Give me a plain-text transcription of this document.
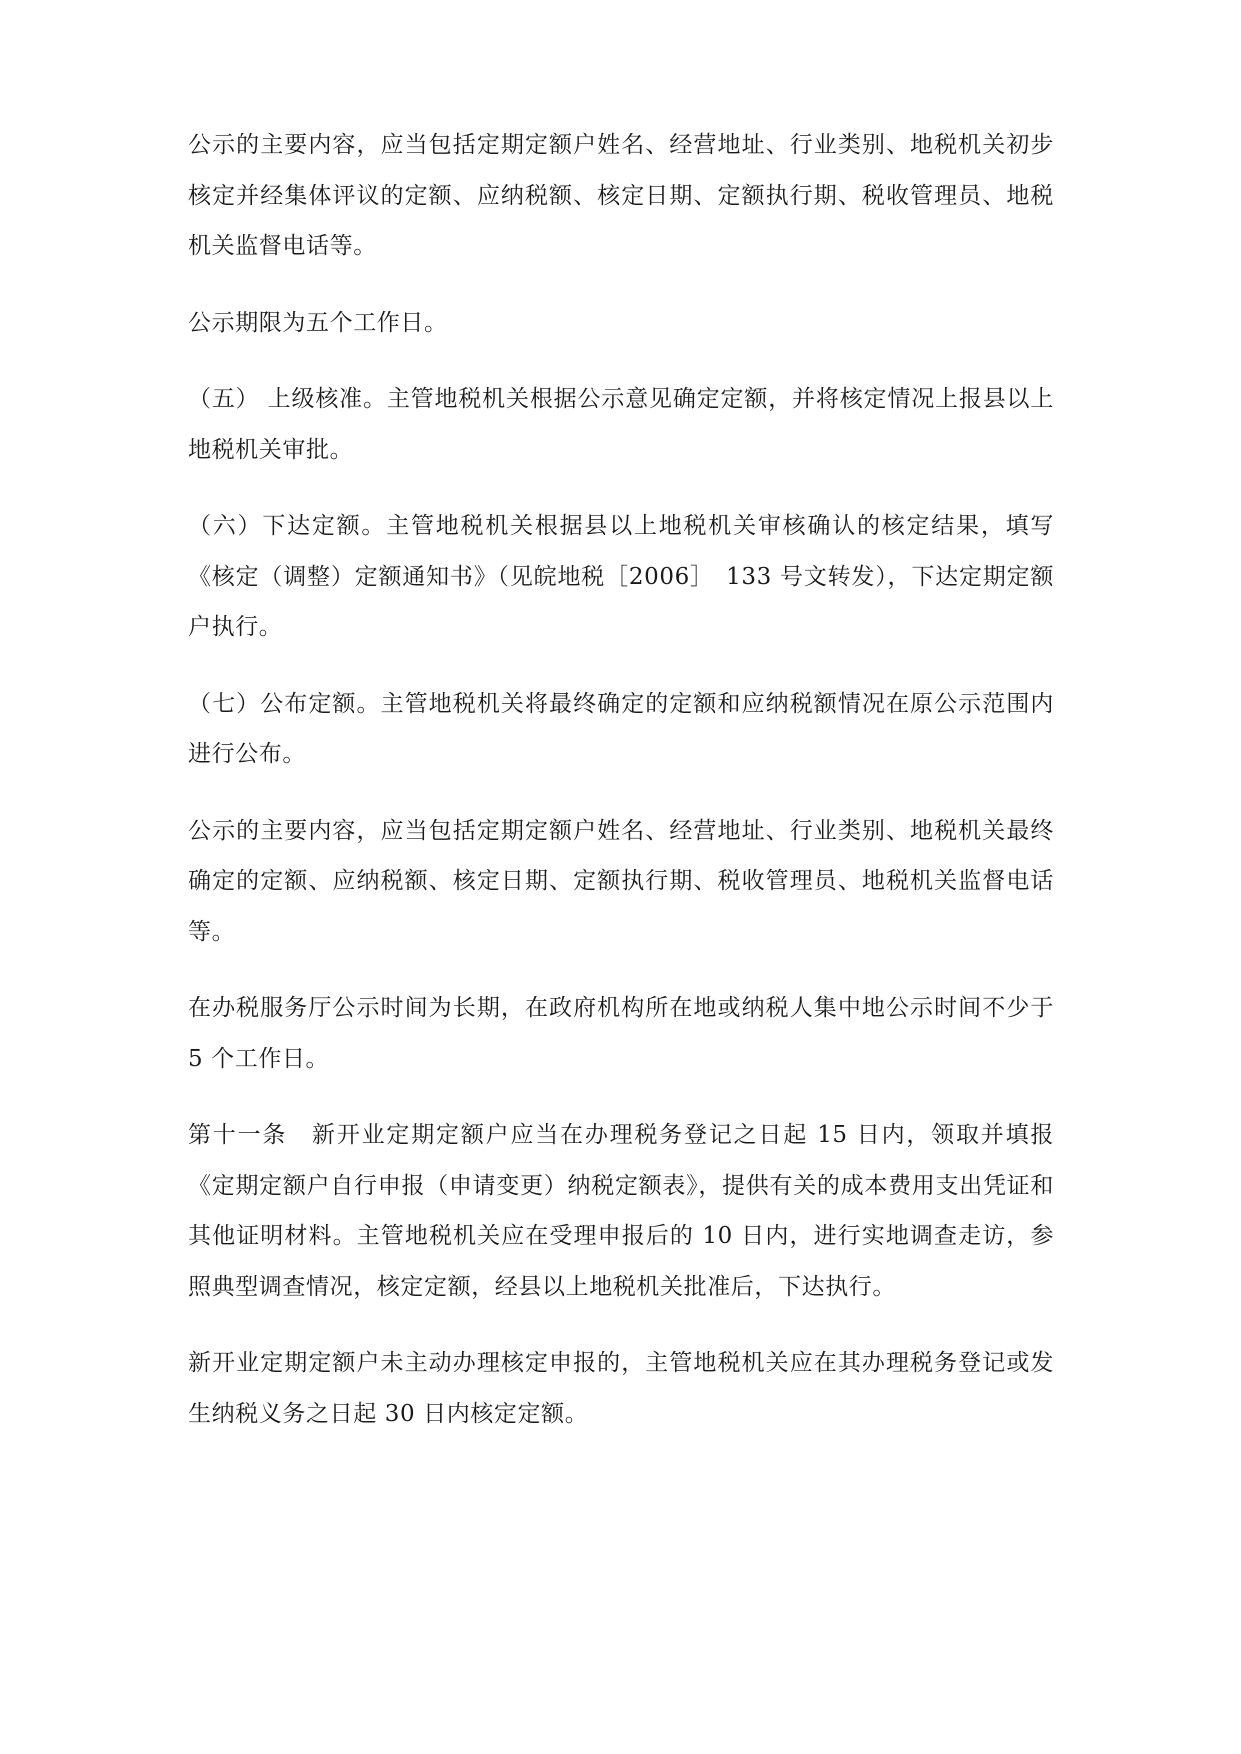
公示的主要内容，应当包括定期定额户姓名、经营地址、行业类别、地税机关初步核定并经集体评议的定额、应纳税额、核定日期、定额执行期、税收管理员、地税机关监督电话等。

公示期限为五个工作日。

（五） 上级核准。主管地税机关根据公示意见确定定额，并将核定情况上报县以上地税机关审批。

（六）下达定额。主管地税机关根据县以上地税机关审核确认的核定结果，填写《核定（调整）定额通知书》（见皖地税［2006］　133 号文转发），下达定期定额户执行。

（七）公布定额。主管地税机关将最终确定的定额和应纳税额情况在原公示范围内进行公布。

公示的主要内容，应当包括定期定额户姓名、经营地址、行业类别、地税机关最终确定的定额、应纳税额、核定日期、定额执行期、税收管理员、地税机关监督电话等。

在办税服务厅公示时间为长期，在政府机构所在地或纳税人集中地公示时间不少于 5 个工作日。

第十一条　新开业定期定额户应当在办理税务登记之日起 15 日内，领取并填报《定期定额户自行申报（申请变更）纳税定额表》，提供有关的成本费用支出凭证和其他证明材料。主管地税机关应在受理申报后的 10 日内，进行实地调查走访，参照典型调查情况，核定定额，经县以上地税机关批准后，下达执行。

新开业定期定额户未主动办理核定申报的，主管地税机关应在其办理税务登记或发生纳税义务之日起 30 日内核定定额。
